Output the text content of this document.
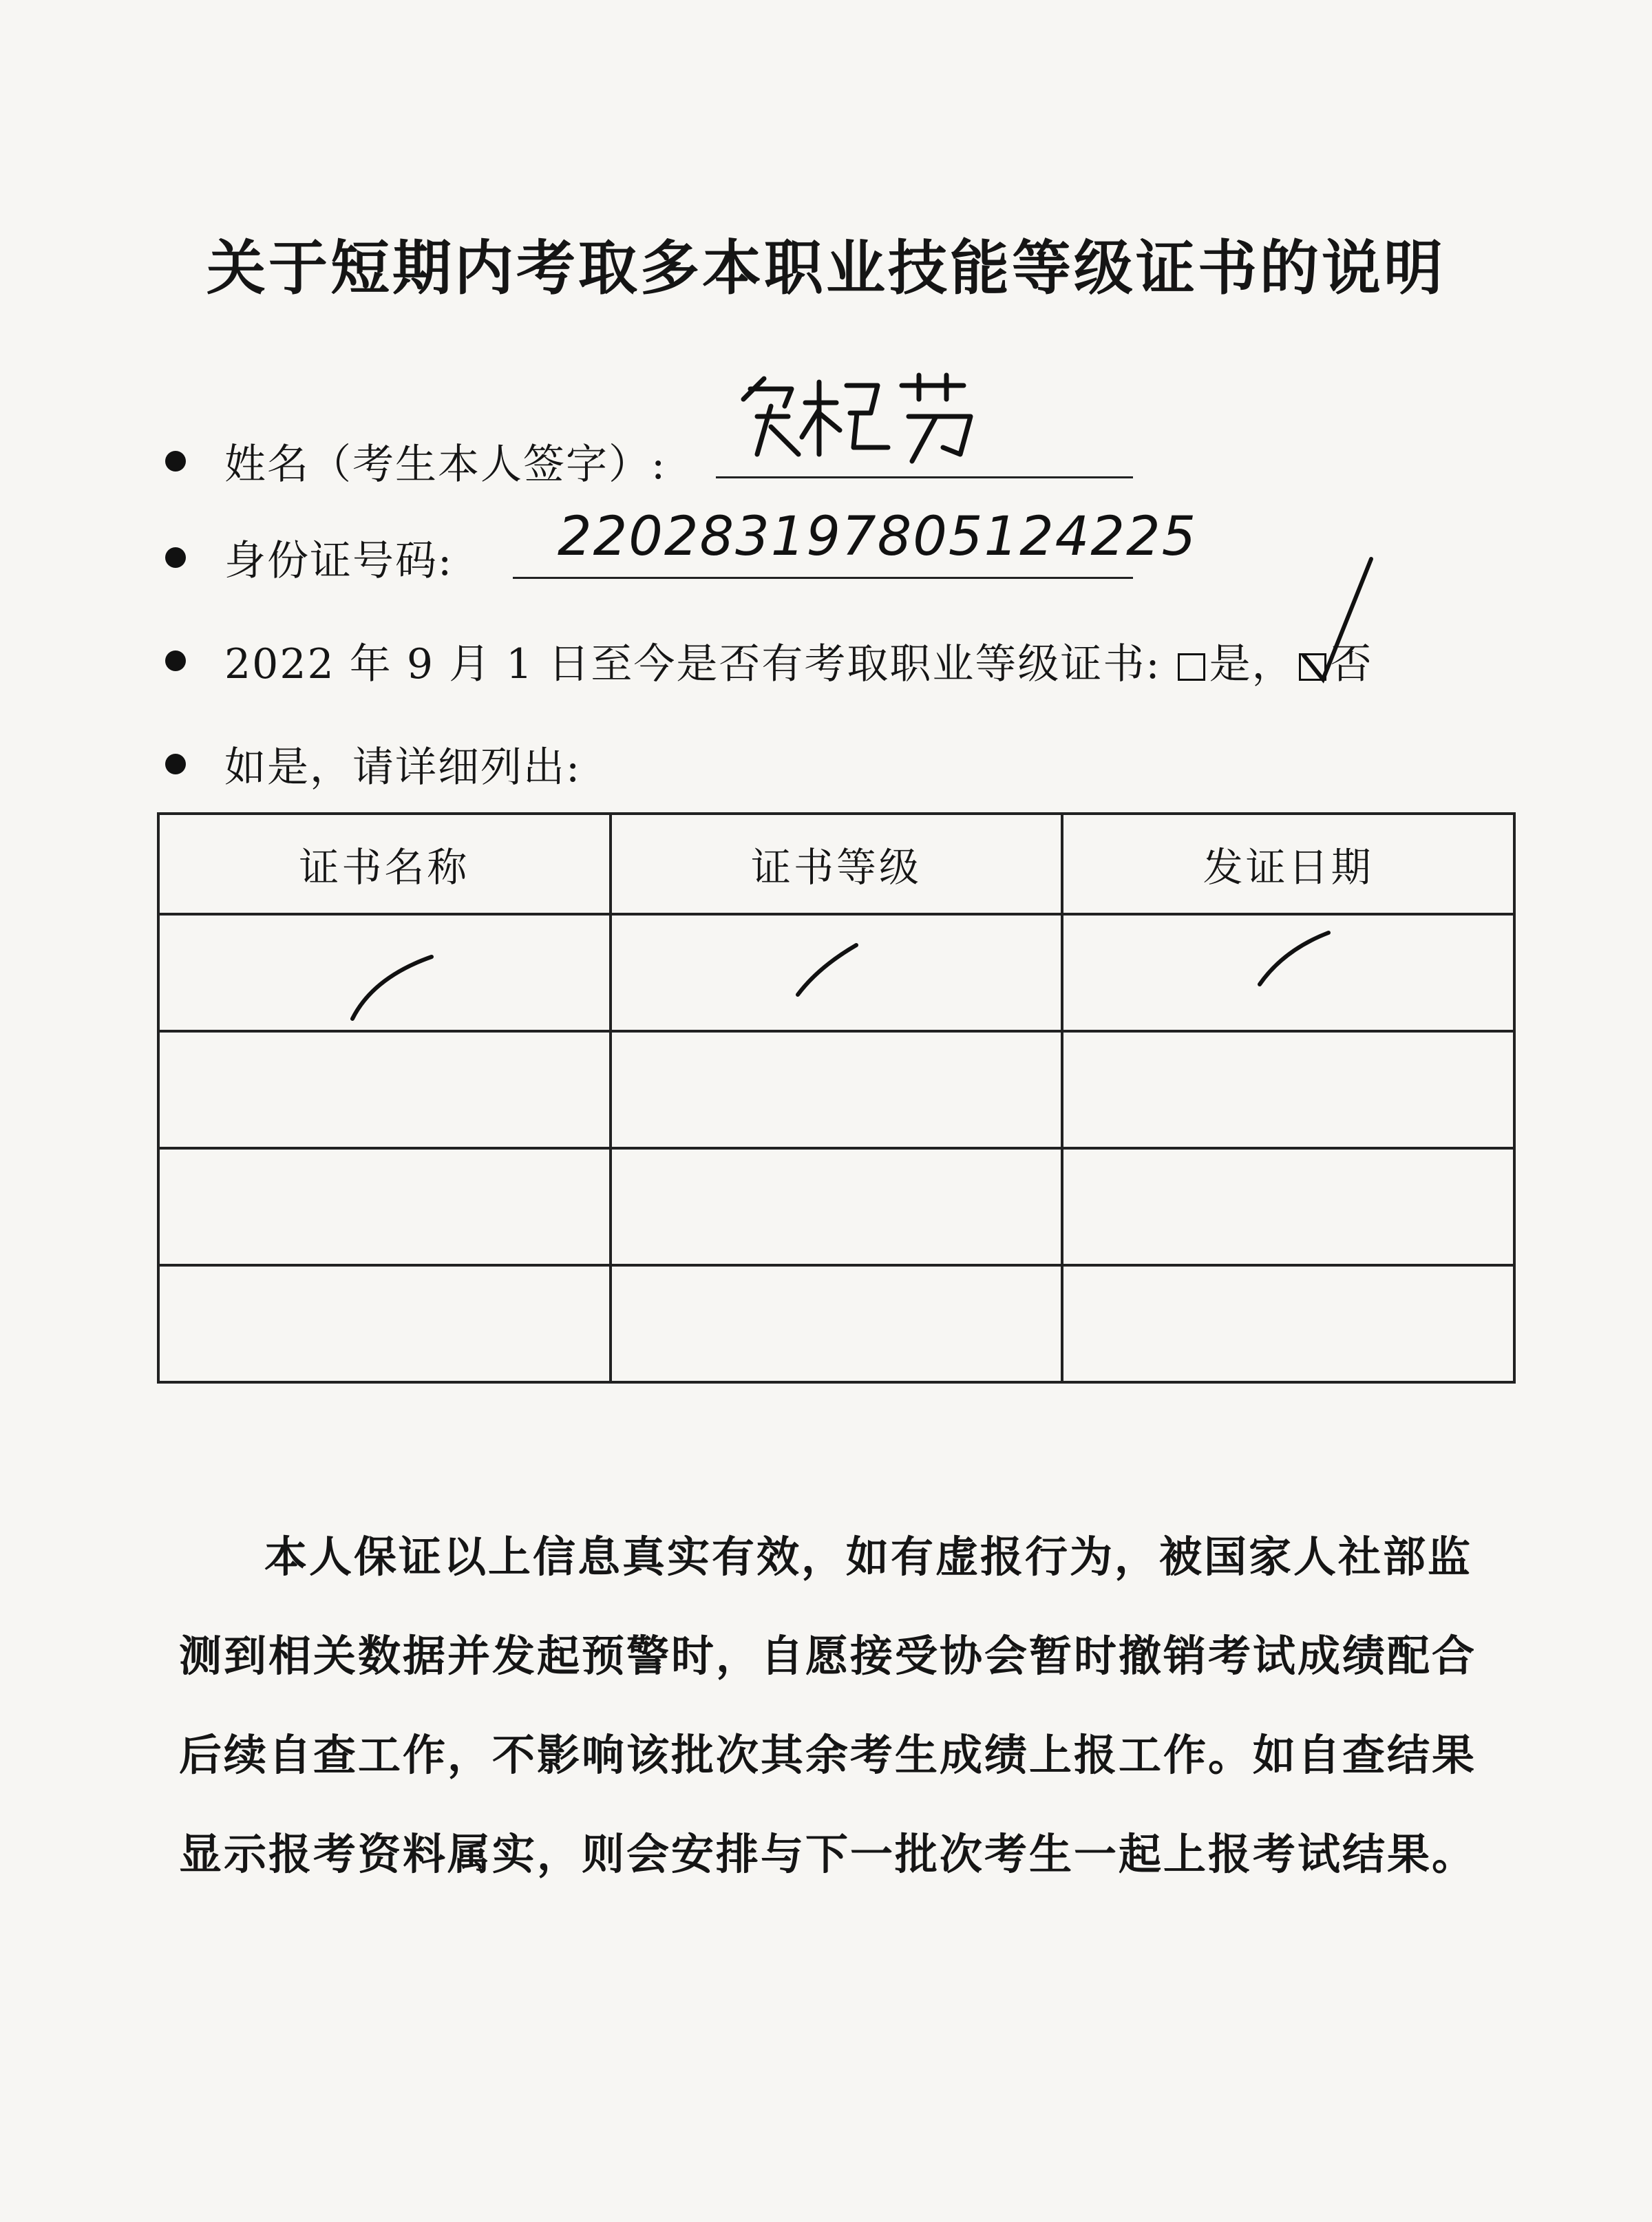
关于短期内考取多本职业技能等级证书的说明
姓名（考生本人签字）:
贺艳芬
身份证号码: 220283197805124225
2022 年 9 月 1 日至今是否有考取职业等级证书:	是， 否
如是，请详细列出:
证书名称	证书等级	发证日期

本人保证以上信息真实有效，如有虚报行为，被国家人社部监测到相关数据并发起预警时，自愿接受协会暂时撤销考试成绩配合后续自查工作，不影响该批次其余考生成绩上报工作。如自查结果显示报考资料属实，则会安排与下一批次考生一起上报考试结果。
